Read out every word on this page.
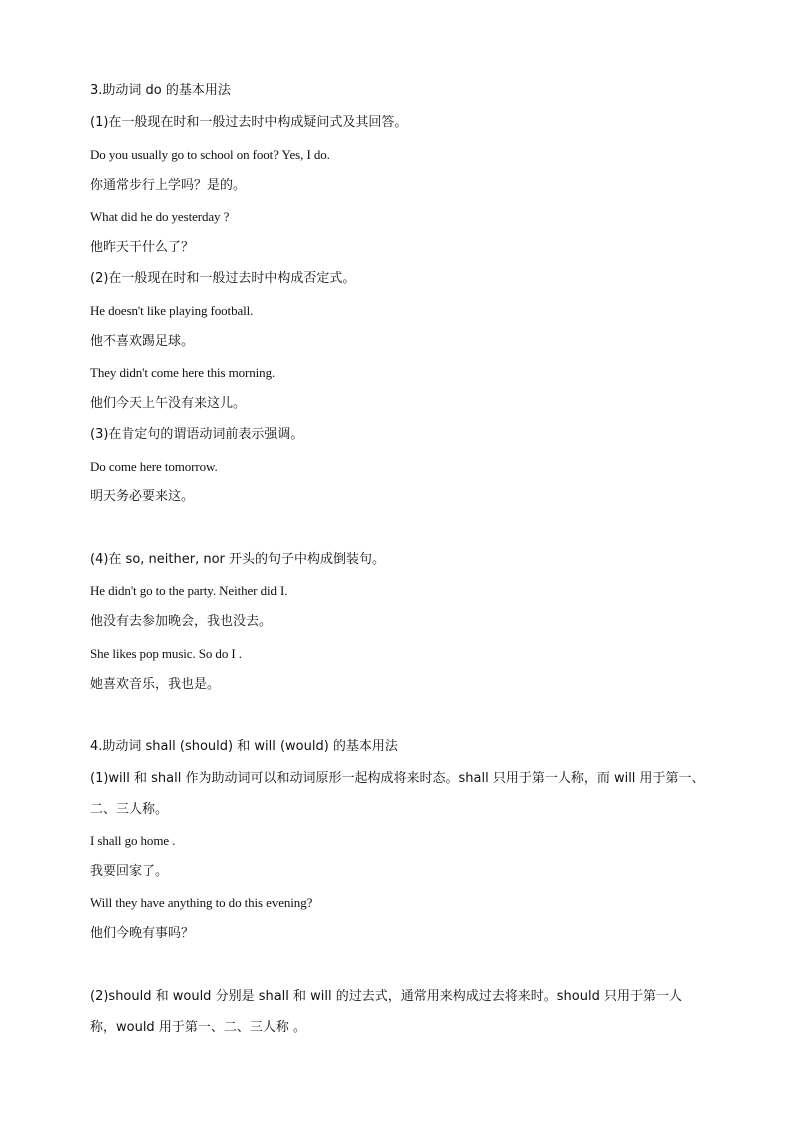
3.助动词 do 的基本用法
(1)在一般现在时和一般过去时中构成疑问式及其回答。
Do you usually go to school on foot? Yes, I do.
你通常步行上学吗？是的。
What did he do yesterday ?
他昨天干什么了？
(2)在一般现在时和一般过去时中构成否定式。
He doesn't like playing football.
他不喜欢踢足球。
They didn't come here this morning.
他们今天上午没有来这儿。
(3)在肯定句的谓语动词前表示强调。
Do come here tomorrow.
明天务必要来这。
(4)在 so, neither, nor 开头的句子中构成倒装句。
He didn't go to the party. Neither did I.
他没有去参加晚会，我也没去。
She likes pop music. So do I .
她喜欢音乐，我也是。
4.助动词 shall (should) 和 will (would) 的基本用法
(1)will 和 shall 作为助动词可以和动词原形一起构成将来时态。shall 只用于第一人称，而 will 用于第一、二、三人称。
I shall go home .
我要回家了。
Will they have anything to do this evening?
他们今晚有事吗？
(2)should 和 would 分别是 shall 和 will 的过去式，通常用来构成过去将来时。should 只用于第一人称，would 用于第一、二、三人称 。
